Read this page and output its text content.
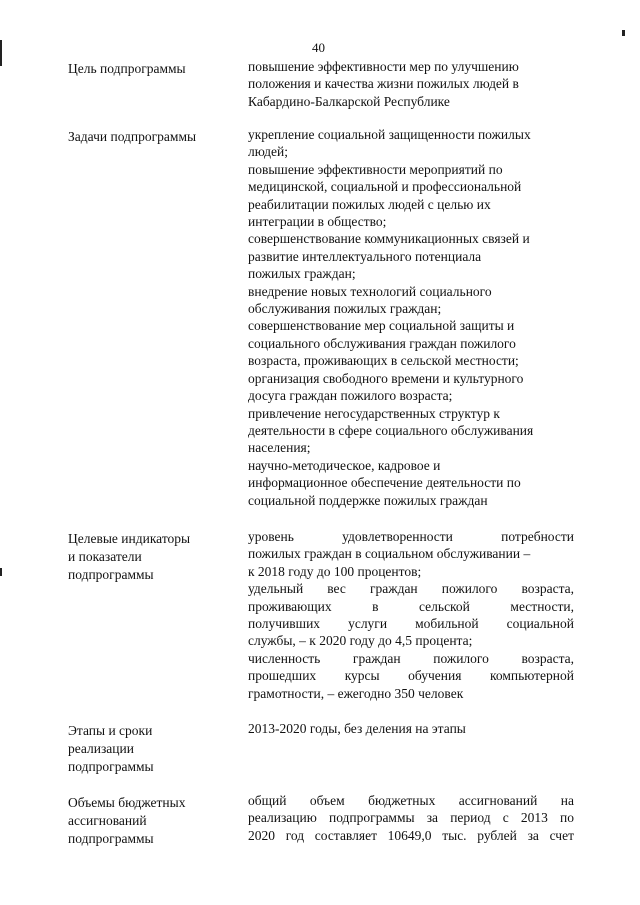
40
Цель подпрограммы	повышение эффективности мер по улучшению
положения и качества жизни пожилых людей в
Кабардино-Балкарской Республике
Задачи подпрограммы	укрепление социальной защищенности пожилых
людей;
повышение эффективности мероприятий по
медицинской, социальной и профессиональной
реабилитации пожилых людей с целью их
интеграции в общество;
совершенствование коммуникационных связей и
развитие интеллектуального потенциала
пожилых граждан;
внедрение новых технологий социального
обслуживания пожилых граждан;
совершенствование мер социальной защиты и
социального обслуживания граждан пожилого
возраста, проживающих в сельской местности;
организация свободного времени и культурного
досуга граждан пожилого возраста;
привлечение негосударственных структур к
деятельности в сфере социального обслуживания
населения;
научно-методическое, кадровое и
информационное обеспечение деятельности по
социальной поддержке пожилых граждан
Целевые индикаторы
и показатели
подпрограммы
уровень удовлетворенности потребности
пожилых граждан в социальном обслуживании –
к 2018 году до 100 процентов;
удельный вес граждан пожилого возраста,
проживающих в сельской местности,
получивших услуги мобильной социальной
службы, – к 2020 году до 4,5 процента;
численность граждан пожилого возраста,
прошедших курсы обучения компьютерной
грамотности, – ежегодно 350 человек
Этапы и сроки
реализации
подпрограммы
2013-2020 годы, без деления на этапы
Объемы бюджетных
ассигнований
подпрограммы
общий объем бюджетных ассигнований на
реализацию подпрограммы за период с 2013 по
2020 год составляет 10649,0 тыс. рублей за счет
